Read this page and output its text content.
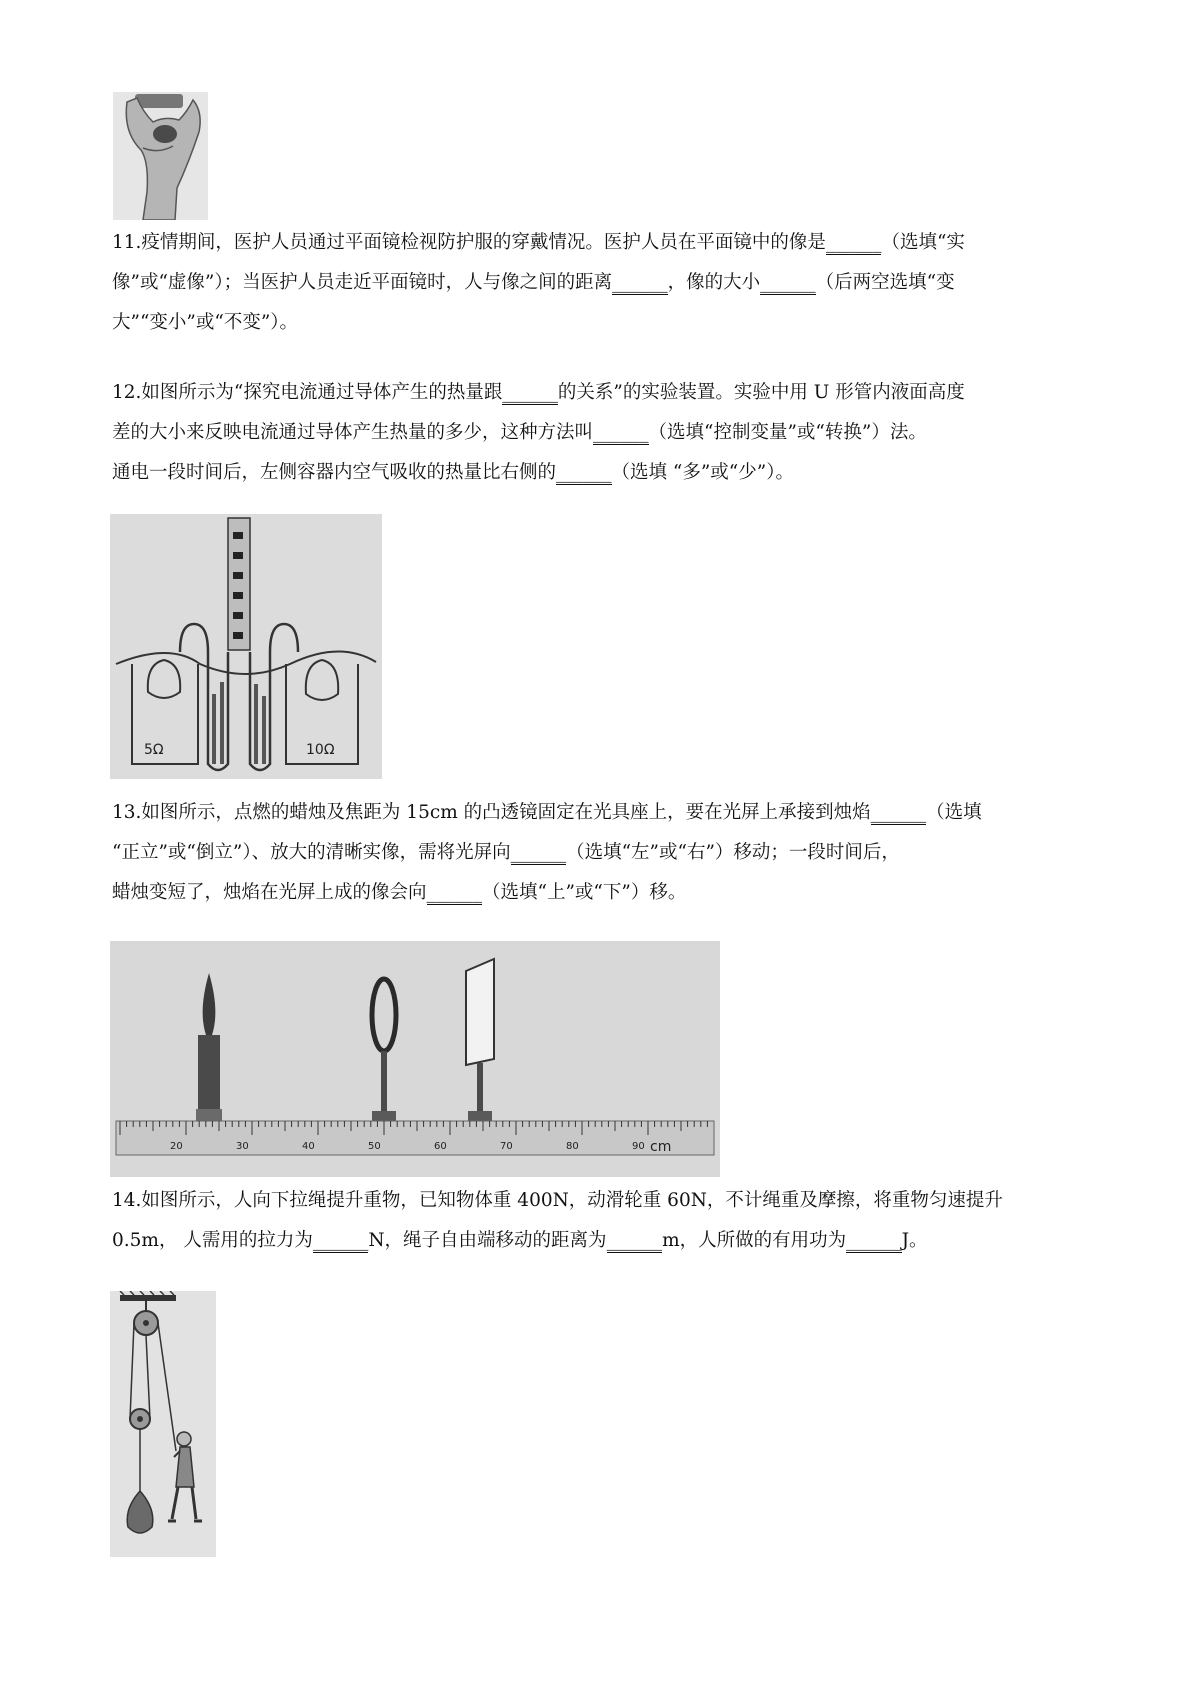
11.疫情期间，医护人员通过平面镜检视防护服的穿戴情况。医护人员在平面镜中的像是______（选填“实

像”或“虚像”）；当医护人员走近平面镜时，人与像之间的距离______，像的大小______（后两空选填“变

大”“变小”或“不变”）。

12.如图所示为“探究电流通过导体产生的热量跟______的关系”的实验装置。实验中用 U 形管内液面高度

差的大小来反映电流通过导体产生热量的多少，这种方法叫______（选填“控制变量”或“转换”）法。

通电一段时间后，左侧容器内空气吸收的热量比右侧的______（选填 “多”或“少”）。

5Ω	10Ω

13.如图所示，点燃的蜡烛及焦距为 15cm 的凸透镜固定在光具座上，要在光屏上承接到烛焰______（选填

“正立”或“倒立”）、放大的清晰实像，需将光屏向______（选填“左”或“右”）移动；一段时间后，

蜡烛变短了，烛焰在光屏上成的像会向______（选填“上”或“下”）移。

20	30	40	50	60	70	80	90 cm

14.如图所示，人向下拉绳提升重物，已知物体重 400N，动滑轮重 60N，不计绳重及摩擦，将重物匀速提升

0.5m， 人需用的拉力为______N，绳子自由端移动的距离为______m，人所做的有用功为______J。
